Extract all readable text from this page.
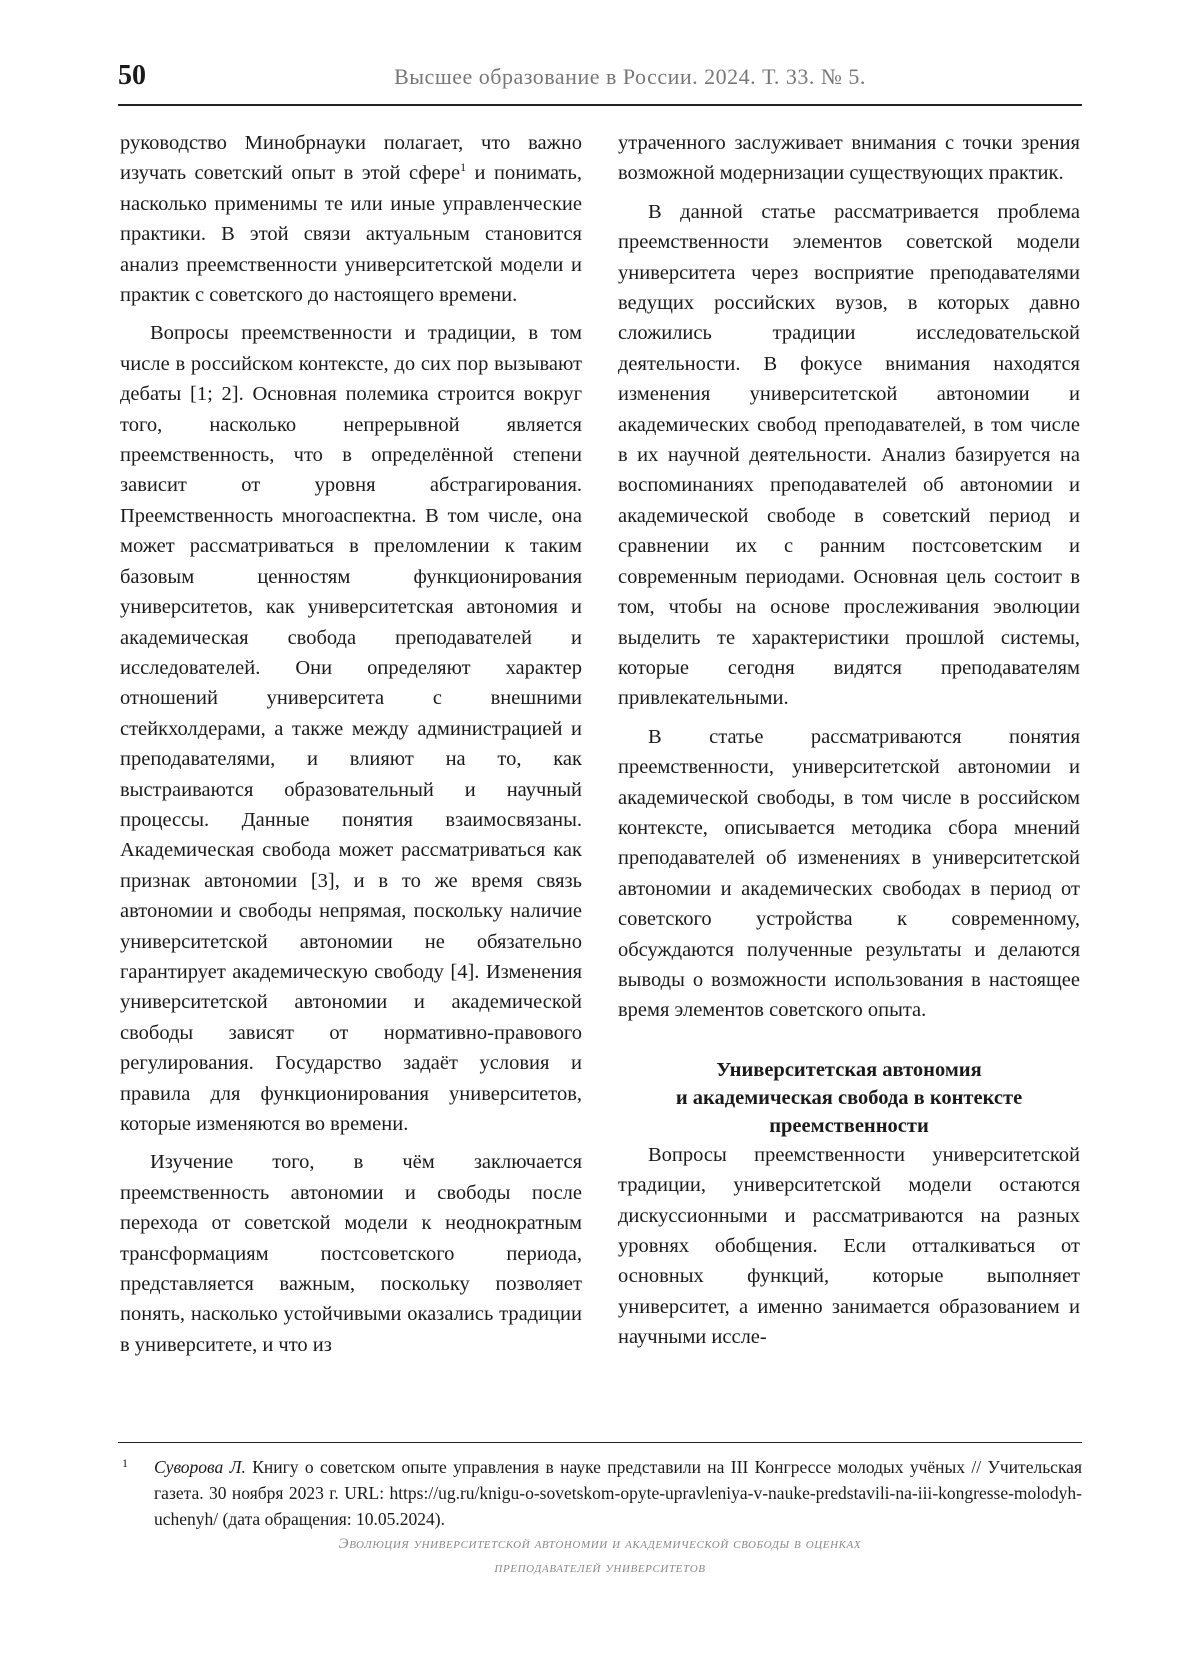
50	Высшее образование в России. 2024. Т. 33. № 5.

руководство Минобрнауки полагает, что важно изучать советский опыт в этой сфере$^1$ и понимать, насколько применимы те или иные управленческие практики. В этой связи актуальным становится анализ преемственности университетской модели и практик с советского до настоящего времени.

Вопросы преемственности и традиции, в том числе в российском контексте, до сих пор вызывают дебаты [1; 2]. Основная полемика строится вокруг того, насколько непрерывной является преемственность, что в определённой степени зависит от уровня абстрагирования. Преемственность многоаспектна. В том числе, она может рассматриваться в преломлении к таким базовым ценностям функционирования университетов, как университетская автономия и академическая свобода преподавателей и исследователей. Они определяют характер отношений университета с внешними стейкхолдерами, а также между администрацией и преподавателями, и влияют на то, как выстраиваются образовательный и научный процессы. Данные понятия взаимосвязаны. Академическая свобода может рассматриваться как признак автономии [3], и в то же время связь автономии и свободы непрямая, поскольку наличие университетской автономии не обязательно гарантирует академическую свободу [4]. Изменения университетской автономии и академической свободы зависят от нормативно-правового регулирования. Государство задаёт условия и правила для функционирования университетов, которые изменяются во времени.

Изучение того, в чём заключается преемственность автономии и свободы после перехода от советской модели к неоднократным трансформациям постсоветского периода, представляется важным, поскольку позволяет понять, насколько устойчивыми оказались традиции в университете, и что из

утраченного заслуживает внимания с точки зрения возможной модернизации существующих практик.

В данной статье рассматривается проблема преемственности элементов советской модели университета через восприятие преподавателями ведущих российских вузов, в которых давно сложились традиции исследовательской деятельности. В фокусе внимания находятся изменения университетской автономии и академических свобод преподавателей, в том числе в их научной деятельности. Анализ базируется на воспоминаниях преподавателей об автономии и академической свободе в советский период и сравнении их с ранним постсоветским и современным периодами. Основная цель состоит в том, чтобы на основе прослеживания эволюции выделить те характеристики прошлой системы, которые сегодня видятся преподавателям привлекательными.

В статье рассматриваются понятия преемственности, университетской автономии и академической свободы, в том числе в российском контексте, описывается методика сбора мнений преподавателей об изменениях в университетской автономии и академических свободах в период от советского устройства к современному, обсуждаются полученные результаты и делаются выводы о возможности использования в настоящее время элементов советского опыта.

Университетская автономия
и академическая свобода в контексте
преемственности

Вопросы преемственности университетской традиции, университетской модели остаются дискуссионными и рассматриваются на разных уровнях обобщения. Если отталкиваться от основных функций, которые выполняет университет, а именно занимается образованием и научными иссле-

1	Суворова Л. Книгу о советском опыте управления в науке представили на III Конгрессе молодых учёных // Учительская газета. 30 ноября 2023 г. URL: https://ug.ru/knigu-o-sovetskom-opyte-upravleniya-v-nauke-predstavili-na-iii-kongresse-molodyh-uchenyh/ (дата обращения: 10.05.2024).
Эволюция университетской автономии и академической свободы в оценках
преподавателей университетов
